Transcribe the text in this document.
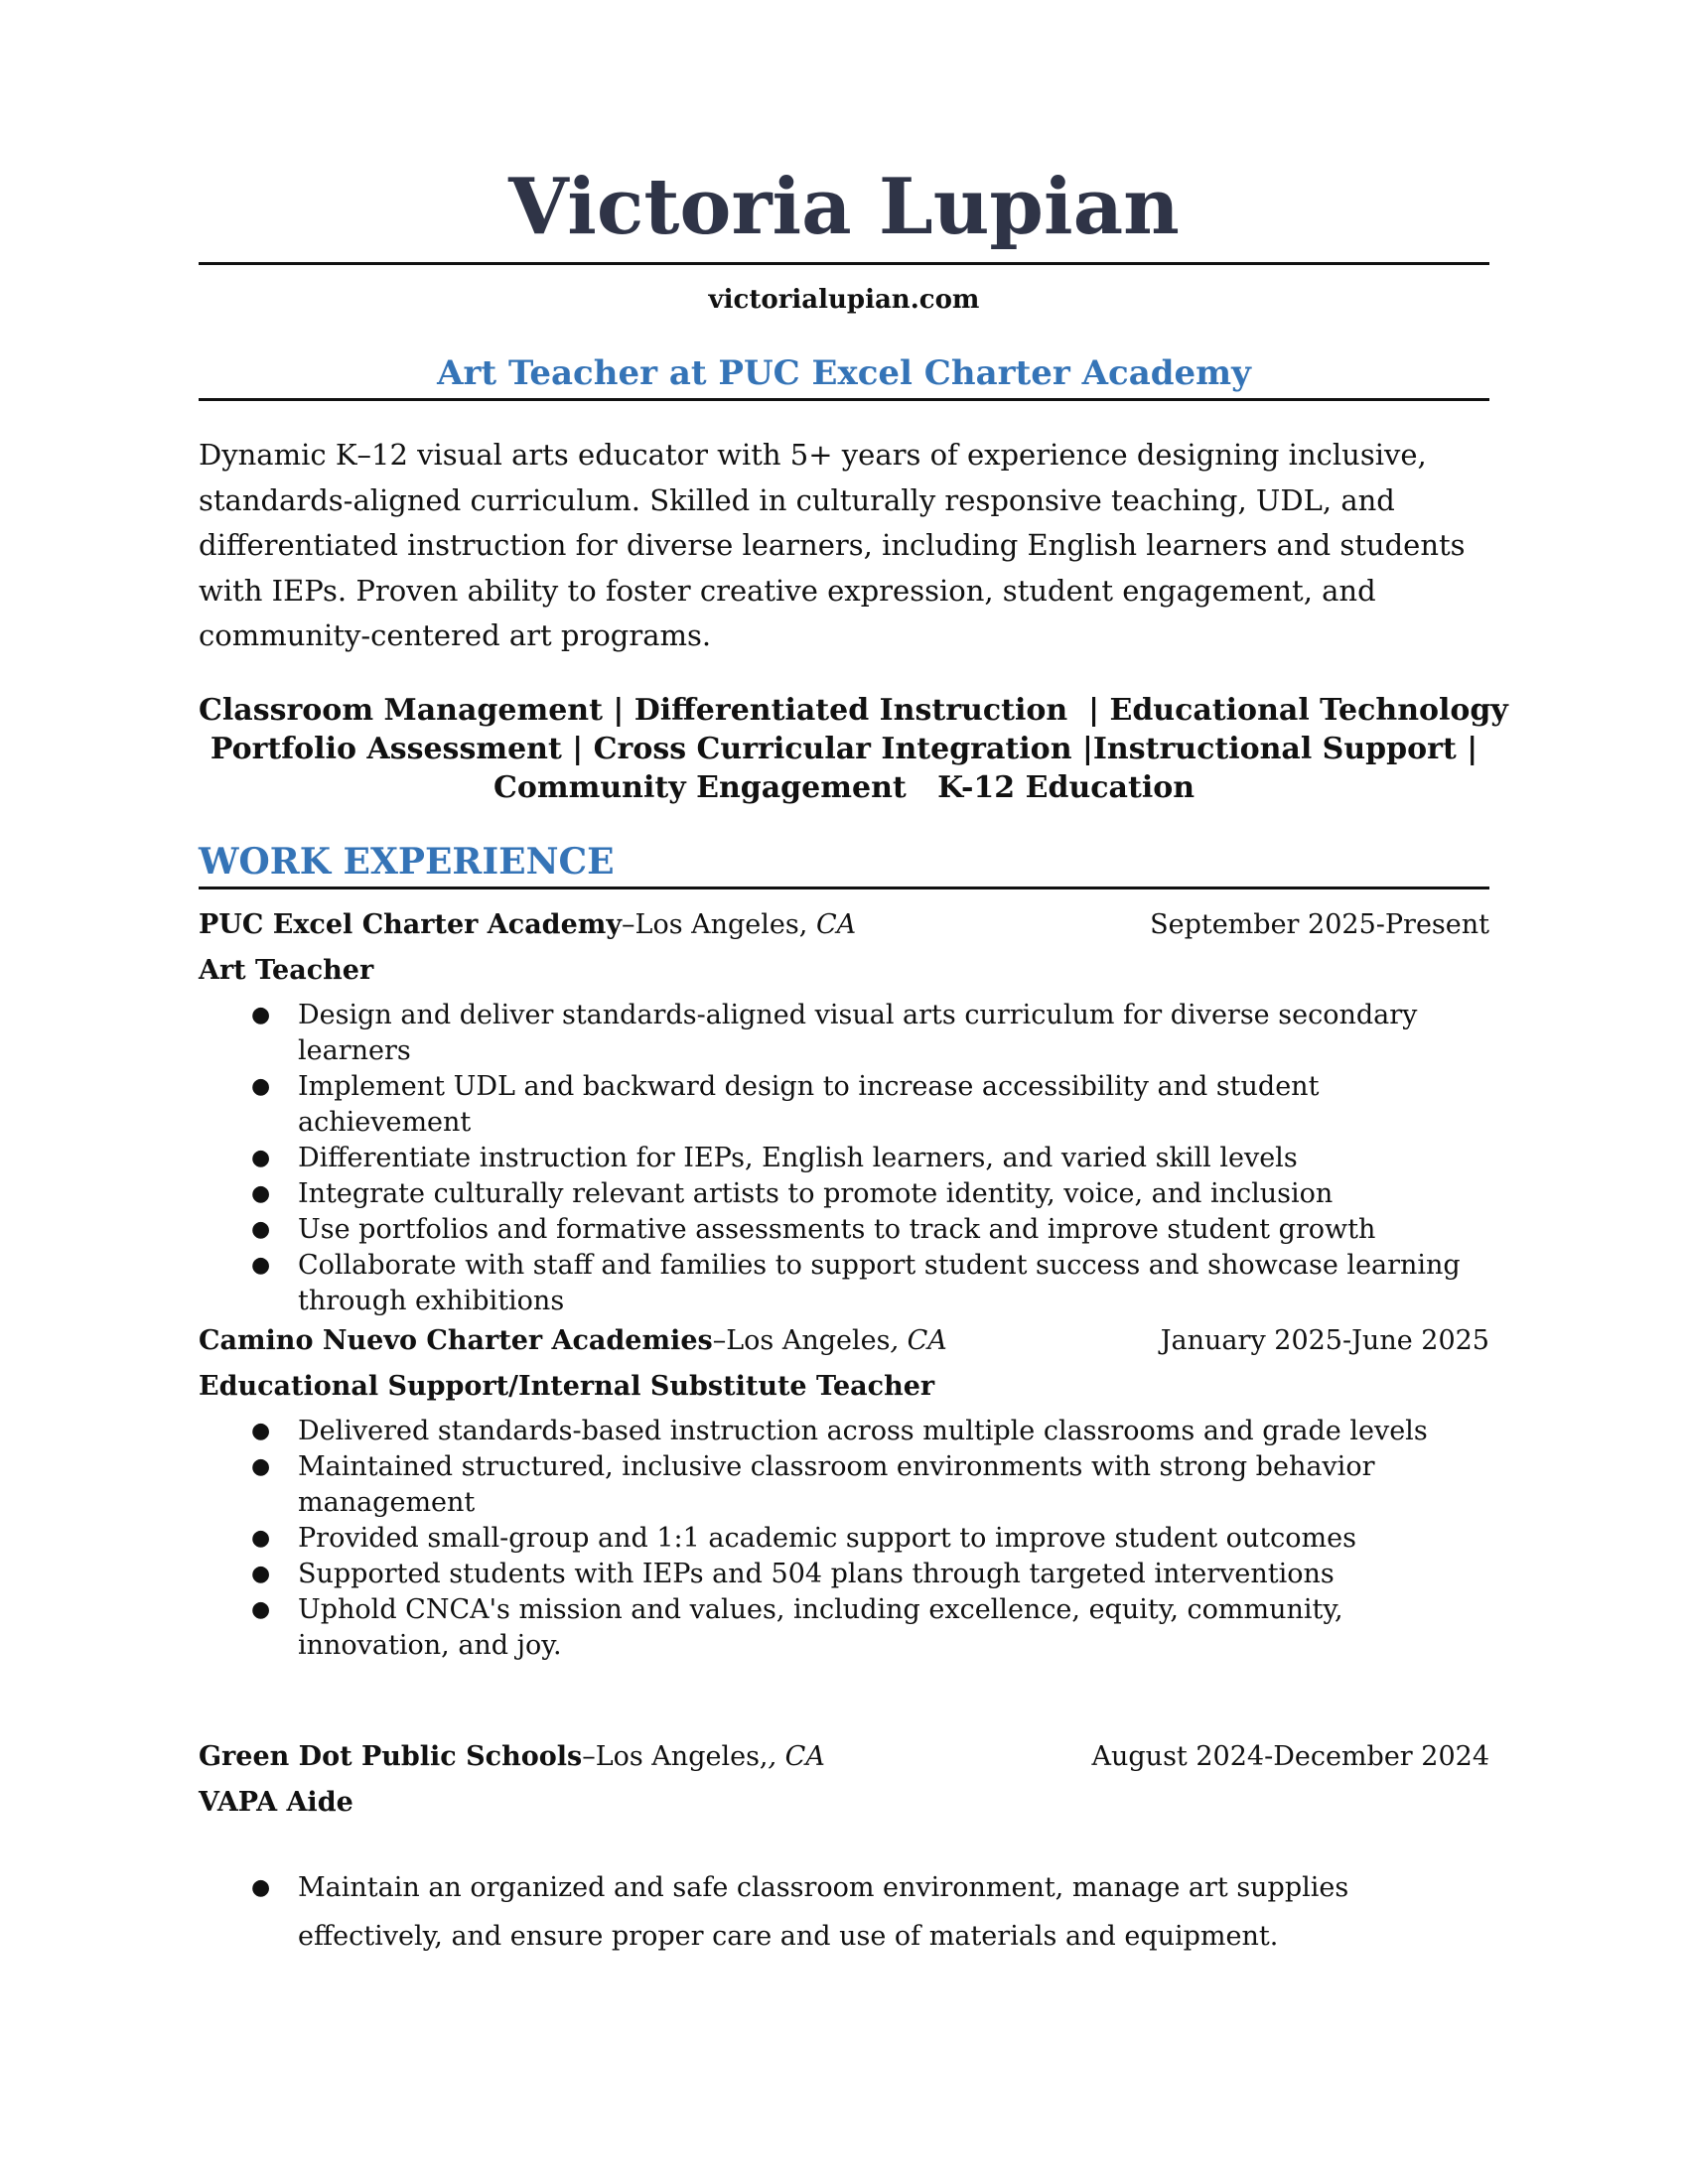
Victoria Lupian
victorialupian.com
Art Teacher at PUC Excel Charter Academy

Dynamic K–12 visual arts educator with 5+ years of experience designing inclusive, standards-aligned curriculum. Skilled in culturally responsive teaching, UDL, and differentiated instruction for diverse learners, including English learners and students with IEPs. Proven ability to foster creative expression, student engagement, and community-centered art programs.

Classroom Management | Differentiated Instruction  | Educational Technology
Portfolio Assessment | Cross Curricular Integration |Instructional Support |
Community Engagement   K-12 Education
WORK EXPERIENCE
PUC Excel Charter Academy–Los Angeles, CA	September 2025-Present
Art Teacher
● Design and deliver standards-aligned visual arts curriculum for diverse secondary learners
● Implement UDL and backward design to increase accessibility and student achievement
● Differentiate instruction for IEPs, English learners, and varied skill levels
● Integrate culturally relevant artists to promote identity, voice, and inclusion
● Use portfolios and formative assessments to track and improve student growth
● Collaborate with staff and families to support student success and showcase learning through exhibitions
Camino Nuevo Charter Academies–Los Angeles, CA	January 2025-June 2025
Educational Support/Internal Substitute Teacher
● Delivered standards-based instruction across multiple classrooms and grade levels
● Maintained structured, inclusive classroom environments with strong behavior management
● Provided small-group and 1:1 academic support to improve student outcomes
● Supported students with IEPs and 504 plans through targeted interventions
● Uphold CNCA's mission and values, including excellence, equity, community, innovation, and joy.
Green Dot Public Schools–Los Angeles,, CA	August 2024-December 2024
VAPA Aide
● Maintain an organized and safe classroom environment, manage art supplies effectively, and ensure proper care and use of materials and equipment.
